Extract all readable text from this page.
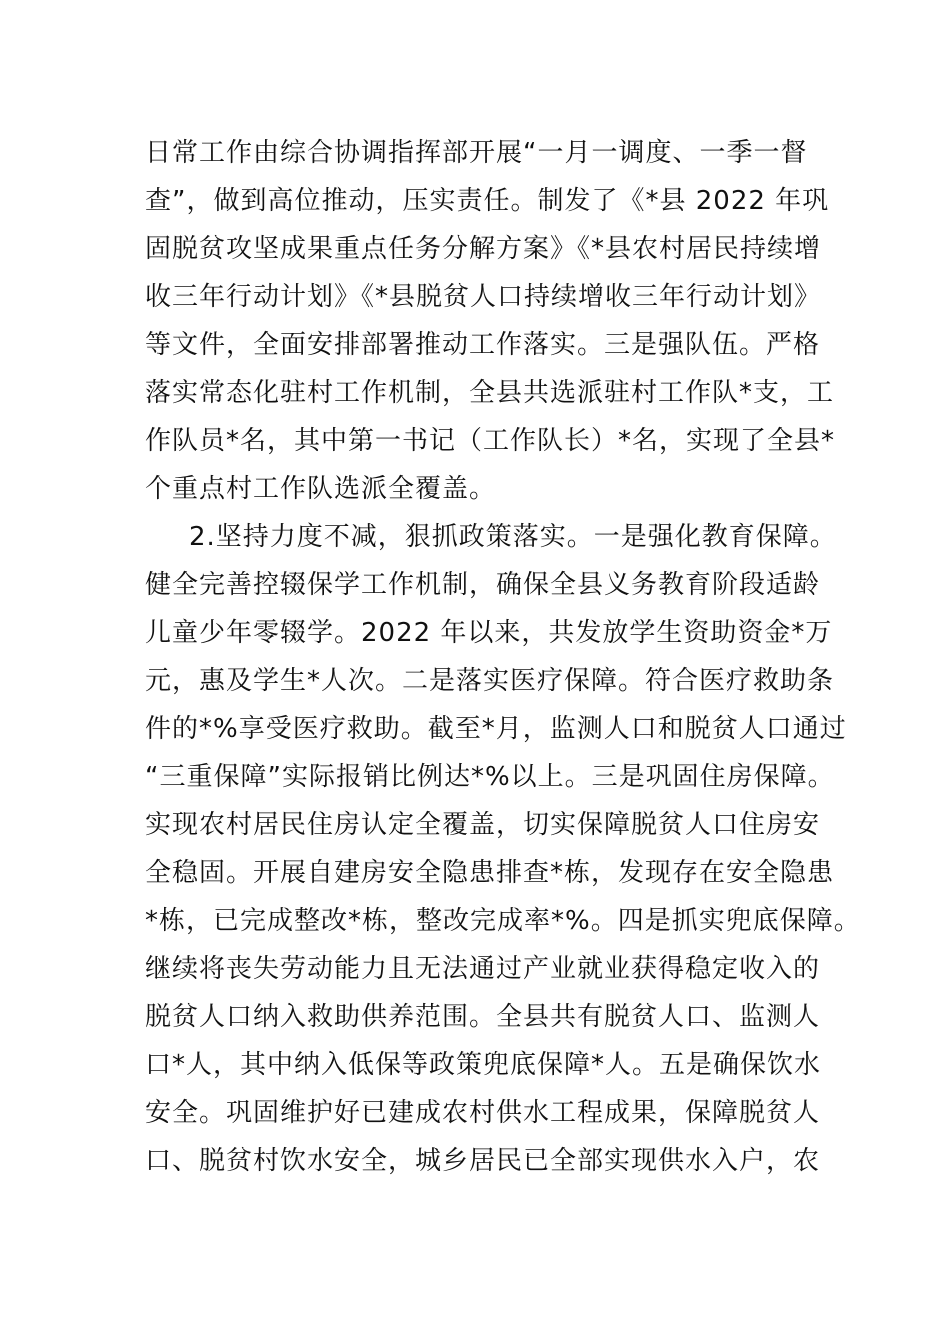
日常工作由综合协调指挥部开展“一月一调度、一季一督
查”，做到高位推动，压实责任。制发了《*县 2022 年巩
固脱贫攻坚成果重点任务分解方案》《*县农村居民持续增
收三年行动计划》《*县脱贫人口持续增收三年行动计划》
等文件，全面安排部署推动工作落实。三是强队伍。严格
落实常态化驻村工作机制，全县共选派驻村工作队*支，工
作队员*名，其中第一书记（工作队长）*名，实现了全县*
个重点村工作队选派全覆盖。
2.坚持力度不减，狠抓政策落实。一是强化教育保障。
健全完善控辍保学工作机制，确保全县义务教育阶段适龄
儿童少年零辍学。2022 年以来，共发放学生资助资金*万
元，惠及学生*人次。二是落实医疗保障。符合医疗救助条
件的*%享受医疗救助。截至*月，监测人口和脱贫人口通过
“三重保障”实际报销比例达*%以上。三是巩固住房保障。
实现农村居民住房认定全覆盖，切实保障脱贫人口住房安
全稳固。开展自建房安全隐患排查*栋，发现存在安全隐患
*栋，已完成整改*栋，整改完成率*%。四是抓实兜底保障。
继续将丧失劳动能力且无法通过产业就业获得稳定收入的
脱贫人口纳入救助供养范围。全县共有脱贫人口、监测人
口*人，其中纳入低保等政策兜底保障*人。五是确保饮水
安全。巩固维护好已建成农村供水工程成果，保障脱贫人
口、脱贫村饮水安全，城乡居民已全部实现供水入户，农
